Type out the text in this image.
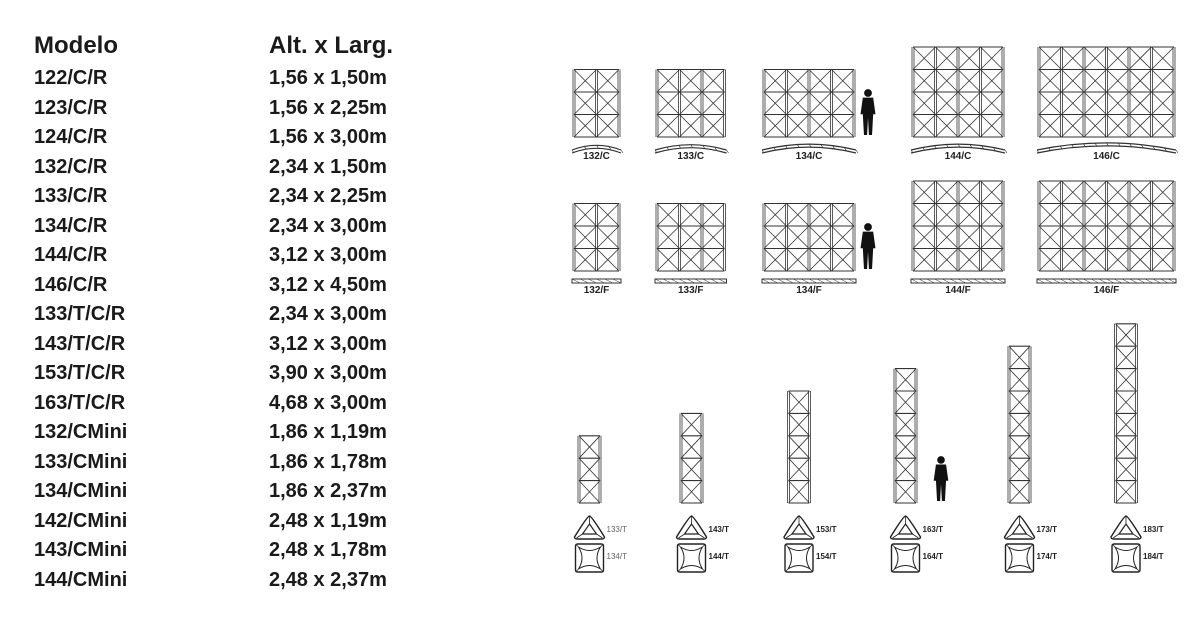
Modelo	Alt. x Larg.
122/C/R	1,56 x 1,50m
123/C/R	1,56 x 2,25m
124/C/R	1,56 x 3,00m
132/C/R	2,34 x 1,50m
133/C/R	2,34 x 2,25m
134/C/R	2,34 x 3,00m
144/C/R	3,12 x 3,00m
146/C/R	3,12 x 4,50m
133/T/C/R	2,34 x 3,00m
143/T/C/R	3,12 x 3,00m
153/T/C/R	3,90 x 3,00m
163/T/C/R	4,68 x 3,00m
132/CMini	1,86 x 1,19m
133/CMini	1,86 x 1,78m
134/CMini	1,86 x 2,37m
142/CMini	2,48 x 1,19m
143/CMini	2,48 x 1,78m
144/CMini	2,48 x 2,37m
132/C	133/C	134/C	144/C	146/C
132/F	133/F	134/F	144/F	146/F
133/T
134/T
143/T
144/T
153/T
154/T
163/T
164/T
173/T
174/T
183/T
184/T
